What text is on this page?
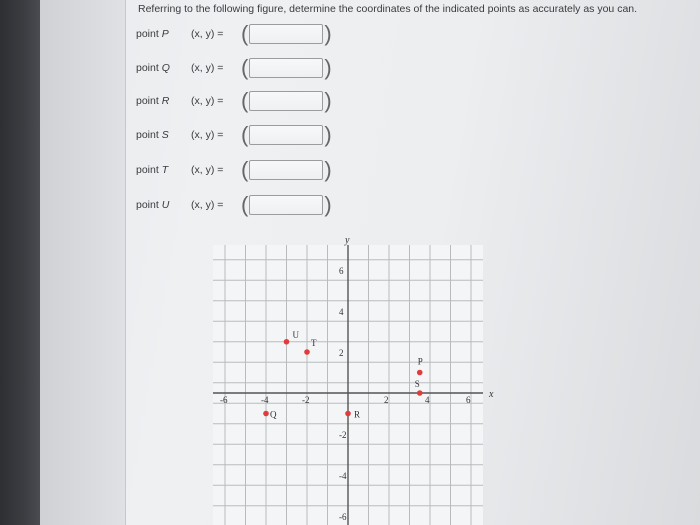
Referring to the following figure, determine the coordinates of the indicated points as accurately as you can.

point P	(x, y) = (	)
point Q	(x, y) = (	)
point R	(x, y) = (	)
point S	(x, y) = (	)
point T	(x, y) = (	)
point U	(x, y) = (	)
x
y
-6	-4	-2	2	4	6
6
4
2
-2
-4
-6
P
Q	R
S
T
U
